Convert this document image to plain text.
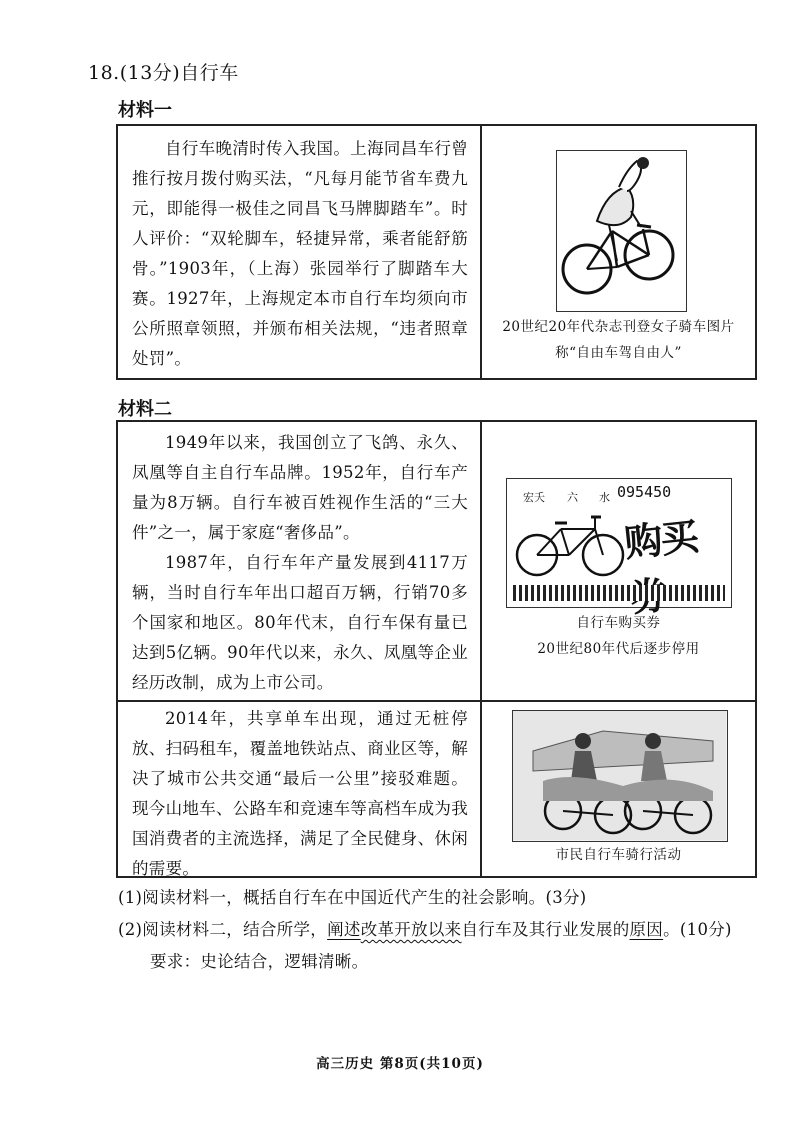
18.(13分)自行车
材料一

自行车晚清时传入我国。上海同昌车行曾推行按月拨付购买法，“凡每月能节省车费九元，即能得一极佳之同昌飞马牌脚踏车”。时人评价：“双轮脚车，轻捷异常，乘者能舒筋骨。”1903年，（上海）张园举行了脚踏车大赛。1927年，上海规定本市自行车均须向市公所照章领照，并颁布相关法规，“违者照章处罚”。

20世纪20年代杂志刊登女子骑车图片
称“自由车驾自由人”
材料二

1949年以来，我国创立了飞鸽、永久、凤凰等自主自行车品牌。1952年，自行车产量为8万辆。自行车被百姓视作生活的“三大件”之一，属于家庭“奢侈品”。

1987年，自行车年产量发展到4117万辆，当时自行车年出口超百万辆，行销70多个国家和地区。80年代末，自行车保有量已达到5亿辆。90年代以来，永久、凤凰等企业经历改制，成为上市公司。

宏夭 六 水 095450
购买券
自行车购买券
20世纪80年代后逐步停用

2014年，共享单车出现，通过无桩停放、扫码租车，覆盖地铁站点、商业区等，解决了城市公共交通“最后一公里”接驳难题。现今山地车、公路车和竞速车等高档车成为我国消费者的主流选择，满足了全民健身、休闲的需要。

市民自行车骑行活动
(1)阅读材料一，概括自行车在中国近代产生的社会影响。(3分)
(2)阅读材料二，结合所学，阐述改革开放以来自行车及其行业发展的原因。(10分)
要求：史论结合，逻辑清晰。
高三历史 第8页(共10页)
